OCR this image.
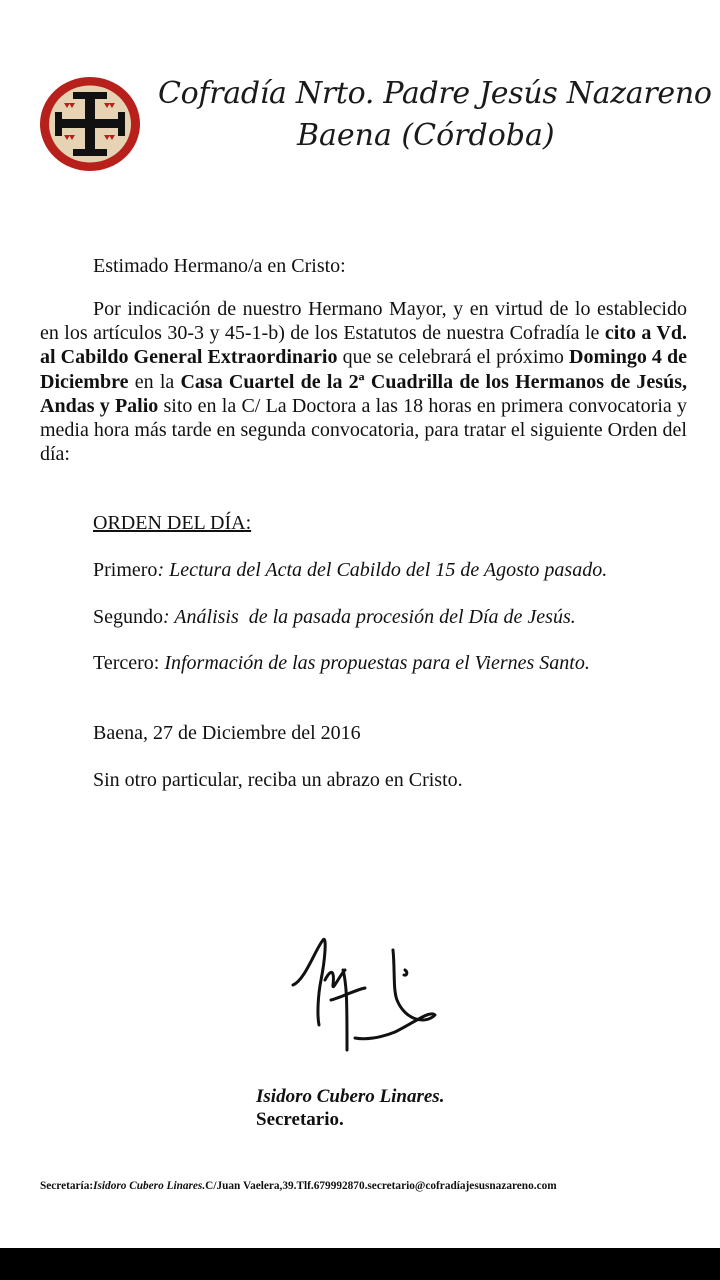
Cofradía Nrto. Padre Jesús Nazareno
Baena (Córdoba)

Estimado Hermano/a en Cristo:

Por indicación de nuestro Hermano Mayor, y en virtud de lo establecido en los artículos 30-3 y 45-1-b) de los Estatutos de nuestra Cofradía le cito a Vd. al Cabildo General Extraordinario que se celebrará el próximo Domingo 4 de Diciembre en la Casa Cuartel de la 2ª Cuadrilla de los Hermanos de Jesús, Andas y Palio sito en la C/ La Doctora a las 18 horas en primera convocatoria y media hora más tarde en segunda convocatoria, para tratar el siguiente Orden del día:

ORDEN DEL DÍA:

Primero: Lectura del Acta del Cabildo del 15 de Agosto pasado.

Segundo: Análisis  de la pasada procesión del Día de Jesús.

Tercero: Información de las propuestas para el Viernes Santo.

Baena, 27 de Diciembre del 2016

Sin otro particular, reciba un abrazo en Cristo.

Isidoro Cubero Linares.
Secretario.
Secretaría:Isidoro Cubero Linares.C/Juan Vaelera,39.Tlf.679992870.secretario@cofradíajesusnazareno.com
